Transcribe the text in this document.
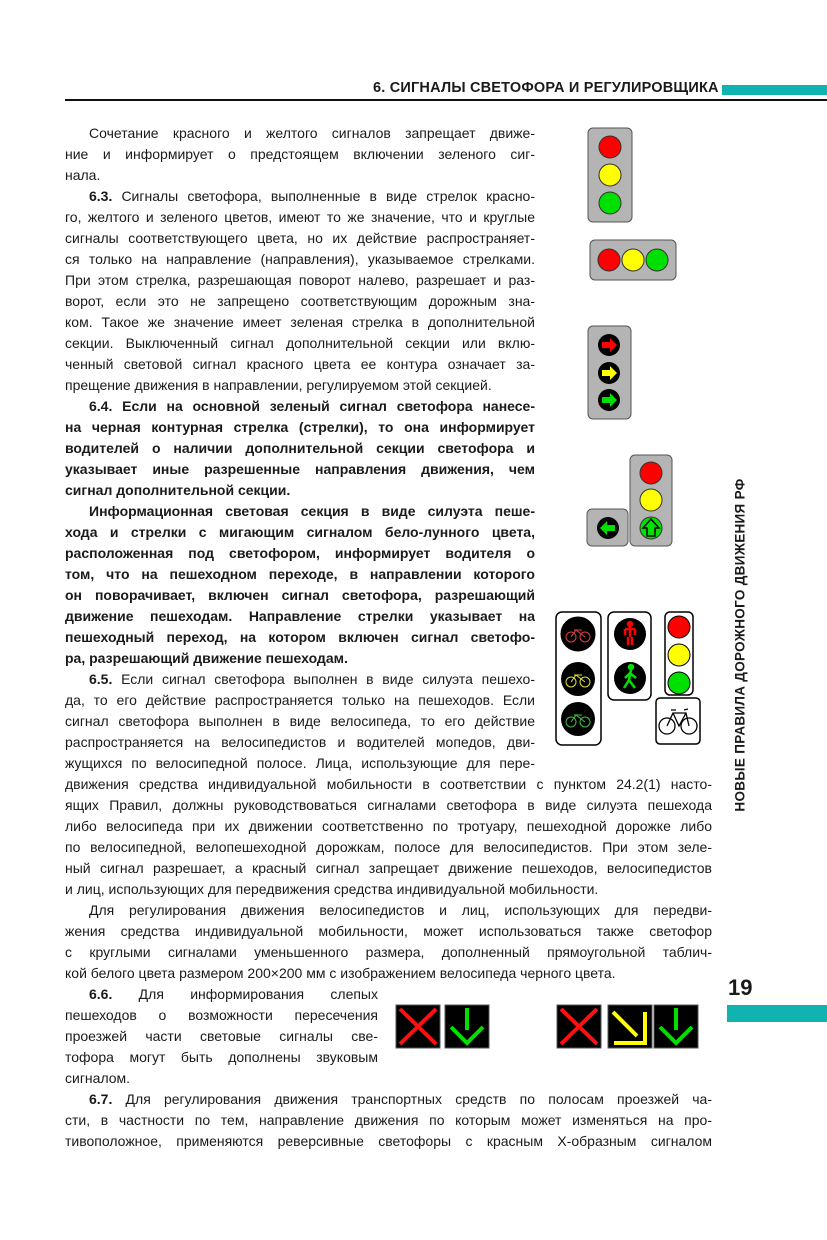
6. СИГНАЛЫ СВЕТОФОРА И РЕГУЛИРОВЩИКА
Сочетание красного и желтого сигналов запрещает движе-
ние и информирует о предстоящем включении зеленого сиг-
нала.
6.3. Сигналы светофора, выполненные в виде стрелок красно-
го, желтого и зеленого цветов, имеют то же значение, что и круглые
сигналы соответствующего цвета, но их действие распространяет-
ся только на направление (направления), указываемое стрелками.
При этом стрелка, разрешающая поворот налево, разрешает и раз-
ворот, если это не запрещено соответствующим дорожным зна-
ком. Такое же значение имеет зеленая стрелка в дополнительной
секции. Выключенный сигнал дополнительной секции или вклю-
ченный световой сигнал красного цвета ее контура означает за-
прещение движения в направлении, регулируемом этой секцией.
6.4. Если на основной зеленый сигнал светофора нанесе-
на черная контурная стрелка (стрелки), то она информирует
водителей о наличии дополнительной секции светофора и
указывает иные разрешенные направления движения, чем
сигнал дополнительной секции.
Информационная световая секция в виде силуэта пеше-
хода и стрелки с мигающим сигналом бело-лунного цвета,
расположенная под светофором, информирует водителя о
том, что на пешеходном переходе, в направлении которого
он поворачивает, включен сигнал светофора, разрешающий
движение пешеходам. Направление стрелки указывает на
пешеходный переход, на котором включен сигнал светофо-
ра, разрешающий движение пешеходам.
6.5. Если сигнал светофора выполнен в виде силуэта пешехо-
да, то его действие распространяется только на пешеходов. Если
сигнал светофора выполнен в виде велосипеда, то его действие
распространяется на велосипедистов и водителей мопедов, дви-
жущихся по велосипедной полосе. Лица, использующие для пере-
движения средства индивидуальной мобильности в соответствии с пунктом 24.2(1) насто-
ящих Правил, должны руководствоваться сигналами светофора в виде силуэта пешехода
либо велосипеда при их движении соответственно по тротуару, пешеходной дорожке либо
по велосипедной, велопешеходной дорожкам, полосе для велосипедистов. При этом зеле-
ный сигнал разрешает, а красный сигнал запрещает движение пешеходов, велосипедистов
и лиц, использующих для передвижения средства индивидуальной мобильности.
Для регулирования движения велосипедистов и лиц, использующих для передви-
жения средства индивидуальной мобильности, может использоваться также светофор
с круглыми сигналами уменьшенного размера, дополненный прямоугольной таблич-
кой белого цвета размером 200×200 мм с изображением велосипеда черного цвета.
6.6. Для информирования слепых
пешеходов о возможности пересечения
проезжей части световые сигналы све-
тофора могут быть дополнены звуковым
сигналом.
6.7. Для регулирования движения транспортных средств по полосам проезжей ча-
сти, в частности по тем, направление движения по которым может изменяться на про-
тивоположное, применяются реверсивные светофоры с красным Х-образным сигналом
НОВЫЕ ПРАВИЛА ДОРОЖНОГО ДВИЖЕНИЯ РФ
19
